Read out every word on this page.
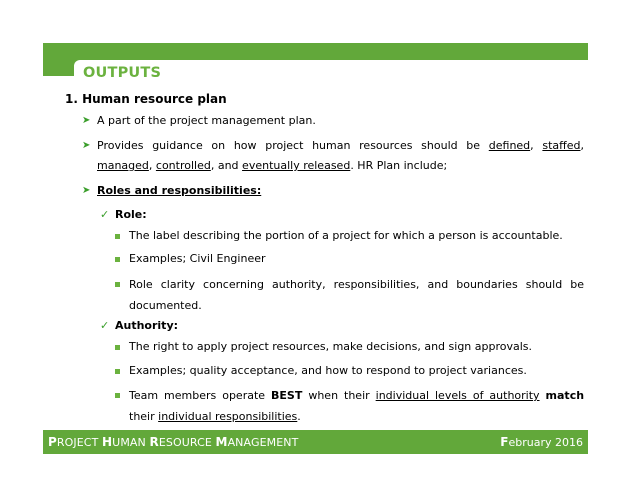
OUTPUTS
1. Human resource plan
➤ A part of the project management plan.
➤ Provides guidance on how project human resources should be defined, staffed, managed, controlled, and eventually released. HR Plan include;
➤ Roles and responsibilities:
✓ Role:
The label describing the portion of a project for which a person is accountable.
Examples; Civil Engineer
Role clarity concerning authority, responsibilities, and boundaries should be documented.
✓ Authority:
The right to apply project resources, make decisions, and sign approvals.
Examples; quality acceptance, and how to respond to project variances.
Team members operate BEST when their individual levels of authority match their individual responsibilities.
PROJECT HUMAN RESOURCE MANAGEMENT	February 2016
